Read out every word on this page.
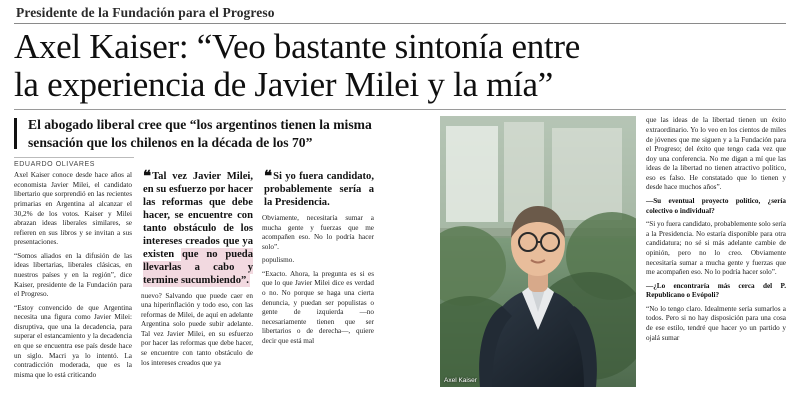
Presidente de la Fundación para el Progreso
Axel Kaiser: “Veo bastante sintonía entre
la experiencia de Javier Milei y la mía”

El abogado liberal cree que “los argentinos tienen la misma sensación que los chilenos en la década de los 70”

EDUARDO OLIVARES

Axel Kaiser conoce desde hace años al economista Javier Milei, el candidato libertario que sorprendió en las recientes primarias en Argentina al alcanzar el 30,2% de los votos. Kaiser y Milei abrazan ideas liberales similares, se refieren en sus libros y se invitan a sus presentaciones.

“Somos aliados en la difusión de las ideas libertarias, liberales clásicas, en nuestros países y en la región”, dice Kaiser, presidente de la Fundación para el Progreso.

“Estoy convencido de que Argentina necesita una figura como Javier Milei: disruptiva, que una la decadencia, para superar el estancamiento y la decadencia en que se encuentra ese país desde hace un siglo. Macri ya lo intentó. La contradicción moderada, que es la misma que lo está criticando

❝Tal vez Javier Milei, en su esfuerzo por hacer las reformas que debe hacer, se encuentre con tanto obstáculo de los intereses creados que ya existen que no pueda llevarlas a cabo y termine sucumbiendo”.

nuevo? Salvando que puede caer en una hiperinflación y todo eso, con las reformas de Milei, de aquí en adelante Argentina solo puede subir adelante. Tal vez Javier Milei, en su esfuerzo por hacer las reformas que debe hacer, se encuentre con tanto obstáculo de los intereses creados que ya

❝Si yo fuera candidato, probablemente sería a la Presidencia.

Obviamente, necesitaría sumar a mucha gente y fuerzas que me acompañen eso. No lo podría hacer solo”.

populismo.

“Exacto. Ahora, la pregunta es si es que lo que Javier Milei dice es verdad o no. No porque se haga una cierta denuncia, y puedan ser populistas o gente de izquierda —no necesariamente tienen que ser libertarios o de derecha—, quiere decir que está mal

Axel Kaiser

que las ideas de la libertad tienen un éxito extraordinario. Yo lo veo en los cientos de miles de jóvenes que me siguen y a la Fundación para el Progreso; del éxito que tengo cada vez que doy una conferencia. No me digan a mí que las ideas de la libertad no tienen atractivo político, eso es falso. He constatado que lo tienen y desde hace muchos años”.

—Su eventual proyecto político, ¿sería colectivo o individual?

“Si yo fuera candidato, probablemente solo sería a la Presidencia. No estaría disponible para otra candidatura; no sé si más adelante cambie de opinión, pero no lo creo. Obviamente necesitaría sumar a mucha gente y fuerzas que me acompañen eso. No lo podría hacer solo”.

—¿Lo encontraría más cerca del P. Republicano o Evópoli?

“No lo tengo claro. Idealmente sería sumarlos a todos. Pero si no hay disposición para una cosa de ese estilo, tendré que hacer yo un partido y ojalá sumar
